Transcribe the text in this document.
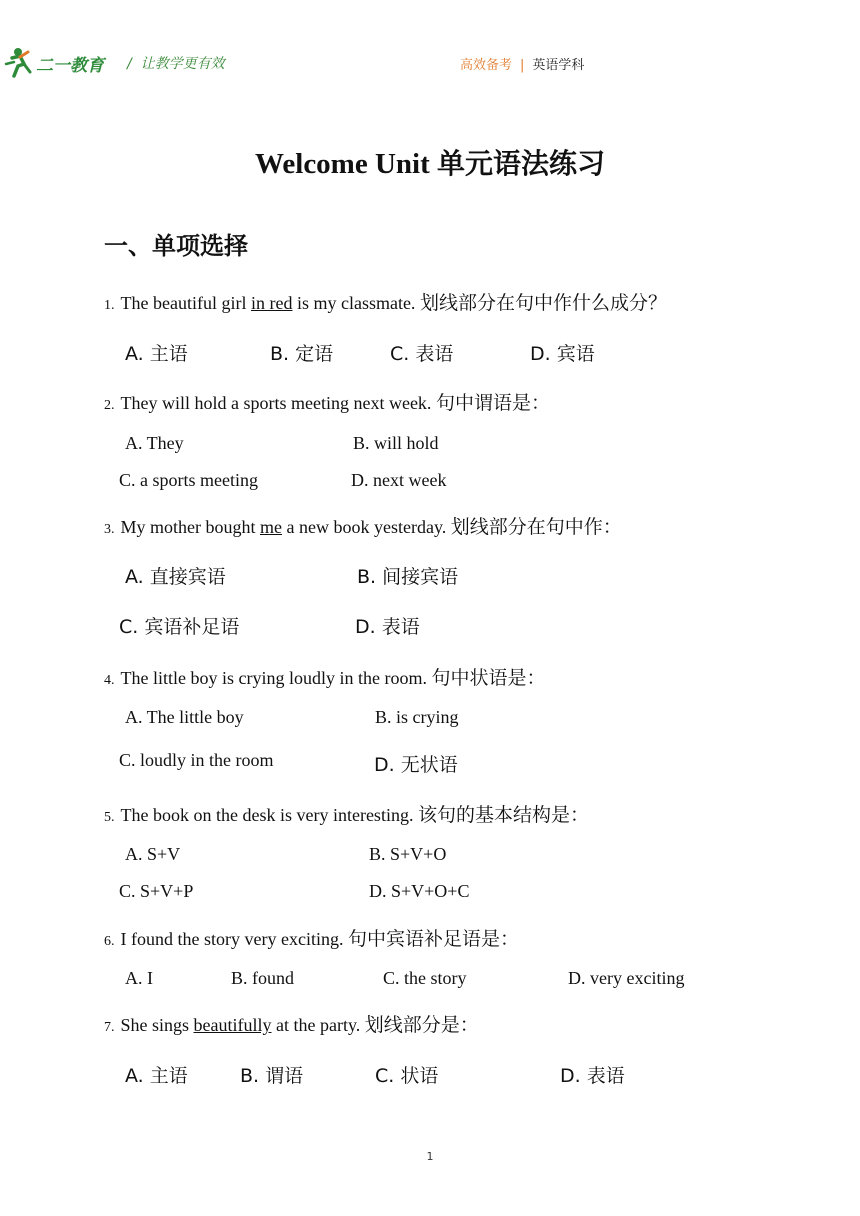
二一教育 /  让教学更有效	高效备考 | 英语学科
Welcome Unit 单元语法练习
一、单项选择
1. The beautiful girl in red is my classmate. 划线部分在句中作什么成分？
A. 主语	B. 定语	C. 表语	D. 宾语
2. They will hold a sports meeting next week. 句中谓语是：
A. They	B. will hold
C. a sports meeting	D. next week
3. My mother bought me a new book yesterday. 划线部分在句中作：
A. 直接宾语	B. 间接宾语
C. 宾语补足语	D. 表语
4. The little boy is crying loudly in the room. 句中状语是：
A. The little boy	B. is crying
C. loudly in the room	D. 无状语
5. The book on the desk is very interesting. 该句的基本结构是：
A. S+V	B. S+V+O
C. S+V+P	D. S+V+O+C
6. I found the story very exciting. 句中宾语补足语是：
A. I	B. found	C. the story	D. very exciting
7. She sings beautifully at the party. 划线部分是：
A. 主语	B. 谓语	C. 状语	D. 表语
1
